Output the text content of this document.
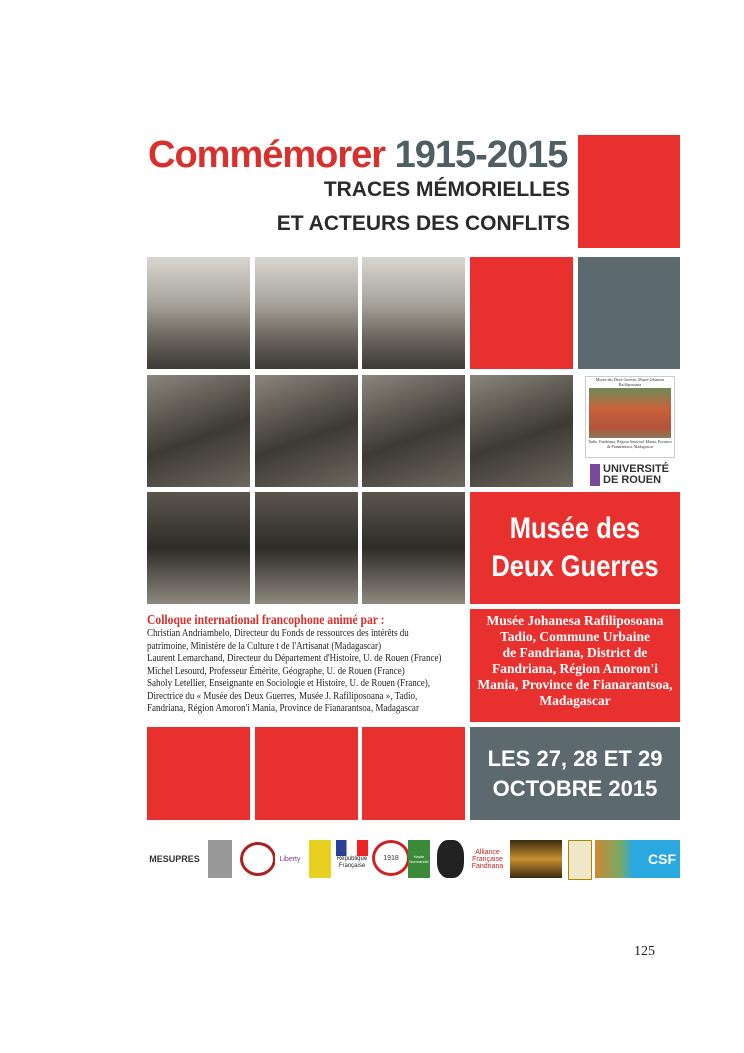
Commémorer 1915-2015
TRACES MÉMORIELLES
ET ACTEURS DES CONFLITS
Musée des Deux Guerres, Musée Johanesa Rafiliposoana
Tadio, Fandriana, Région Amoron'i Mania, Province de Fianarantsoa, Madagascar
UNIVERSITÉ DE ROUEN
Musée des
Deux Guerres
Colloque international francophone animé par :
Christian Andriambelo, Directeur du Fonds de ressources des intérêts du
patrimoine, Ministère de la Culture t de l'Artisanat (Madagascar)
Laurent Lemarchand, Directeur du Département d'Histoire, U. de Rouen (France)
Michel Lesourd, Professeur Émérite, Géographe, U. de Rouen (France)
Saholy Letellier, Enseignante en Sociologie et Histoire, U. de Rouen (France),
Directrice du « Musée des Deux Guerres, Musée J. Rafiliposoana », Tadio,
Fandriana, Région Amoron'i Mania, Province de Fianarantsoa, Madagascar
Musée Johanesa Rafiliposoana
Tadio, Commune Urbaine
de Fandriana, District de
Fandriana, Région Amoron'i
Mania, Province de Fianarantsoa,
Madagascar
LES 27, 28 ET 29
OCTOBRE 2015
MESUPRES	Liberty	République Française
1918	Haute Normandie
Alliance Française Fandriana	CSF
125
